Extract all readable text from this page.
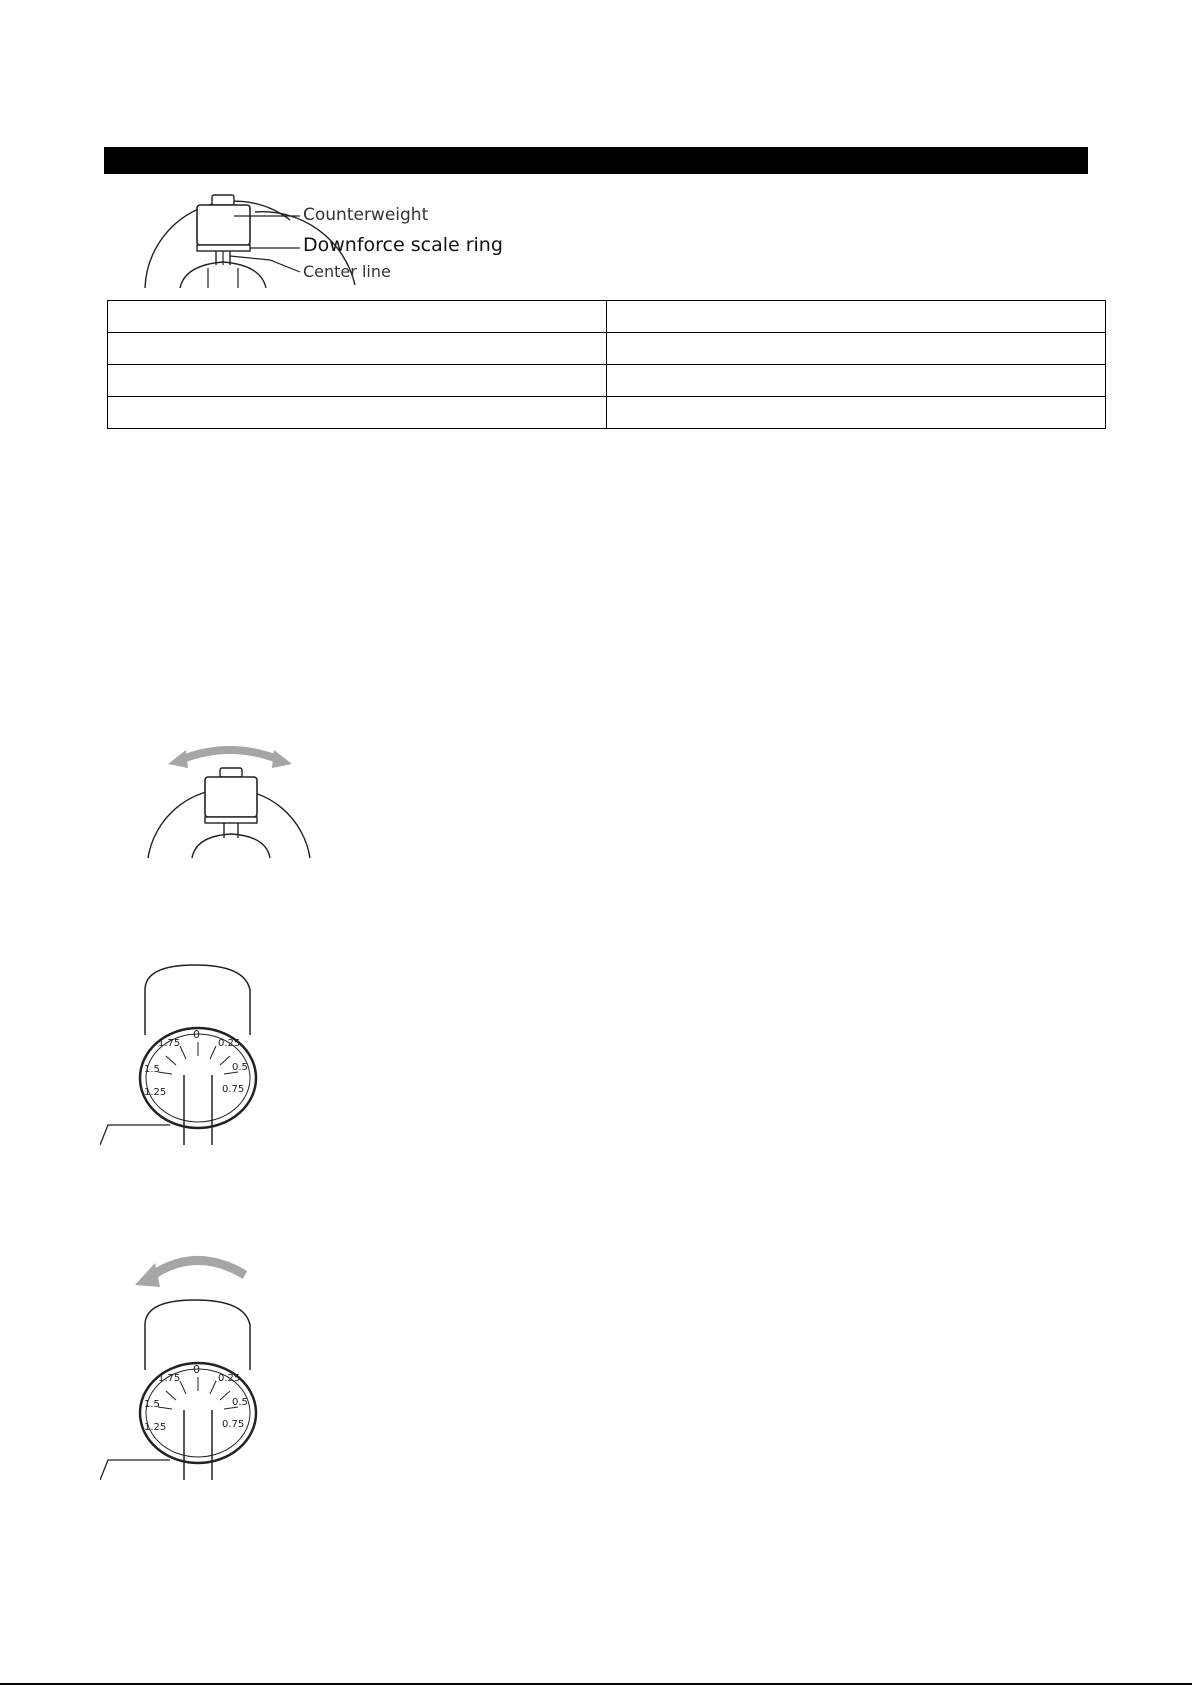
Counterweight
Downforce scale ring
Center line

0
1.75
1.5
1.25
0.25
0.5
0.75
0
1.75
1.5
1.25
0.25
0.5
0.75
